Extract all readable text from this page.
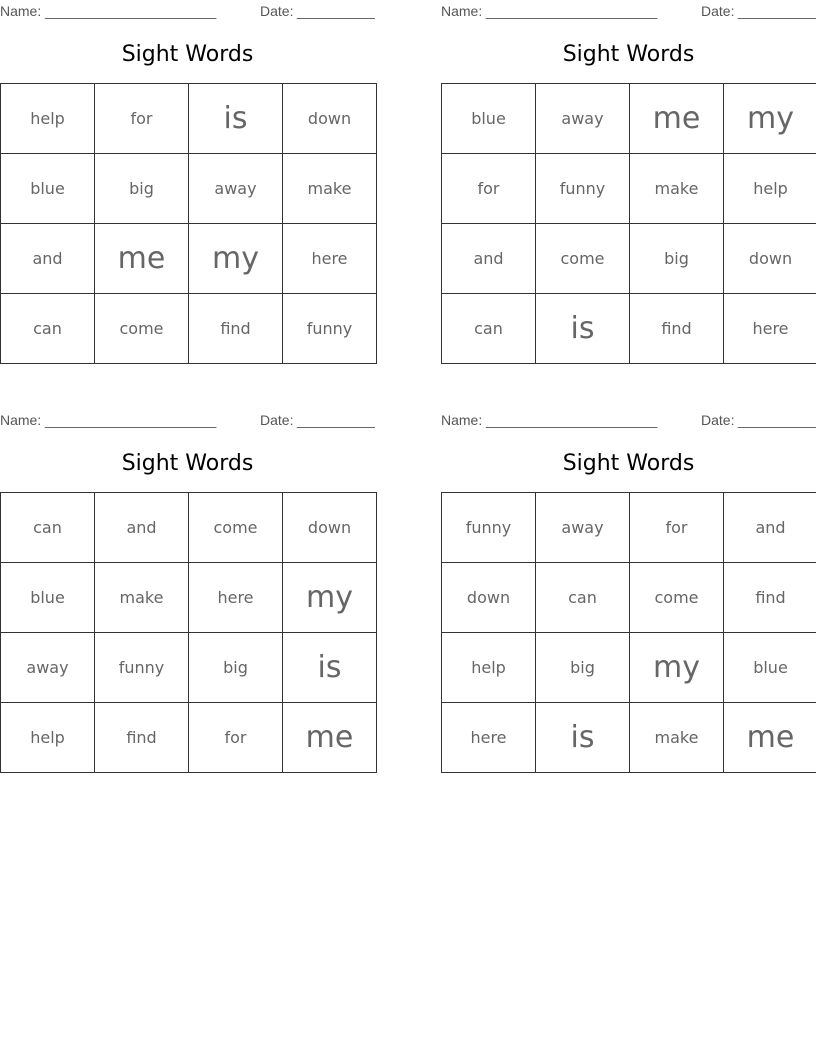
Name: ______________________	Date: __________
Sight Words
help	for	is	down
blue	big	away	make
and	me	my	here
can	come	find	funny
Name: ______________________	Date: __________
Sight Words
blue	away	me	my
for	funny	make	help
and	come	big	down
can	is	find	here
Name: ______________________	Date: __________
Sight Words
can	and	come	down
blue	make	here	my
away	funny	big	is
help	find	for	me
Name: ______________________	Date: __________
Sight Words
funny	away	for	and
down	can	come	find
help	big	my	blue
here	is	make	me
